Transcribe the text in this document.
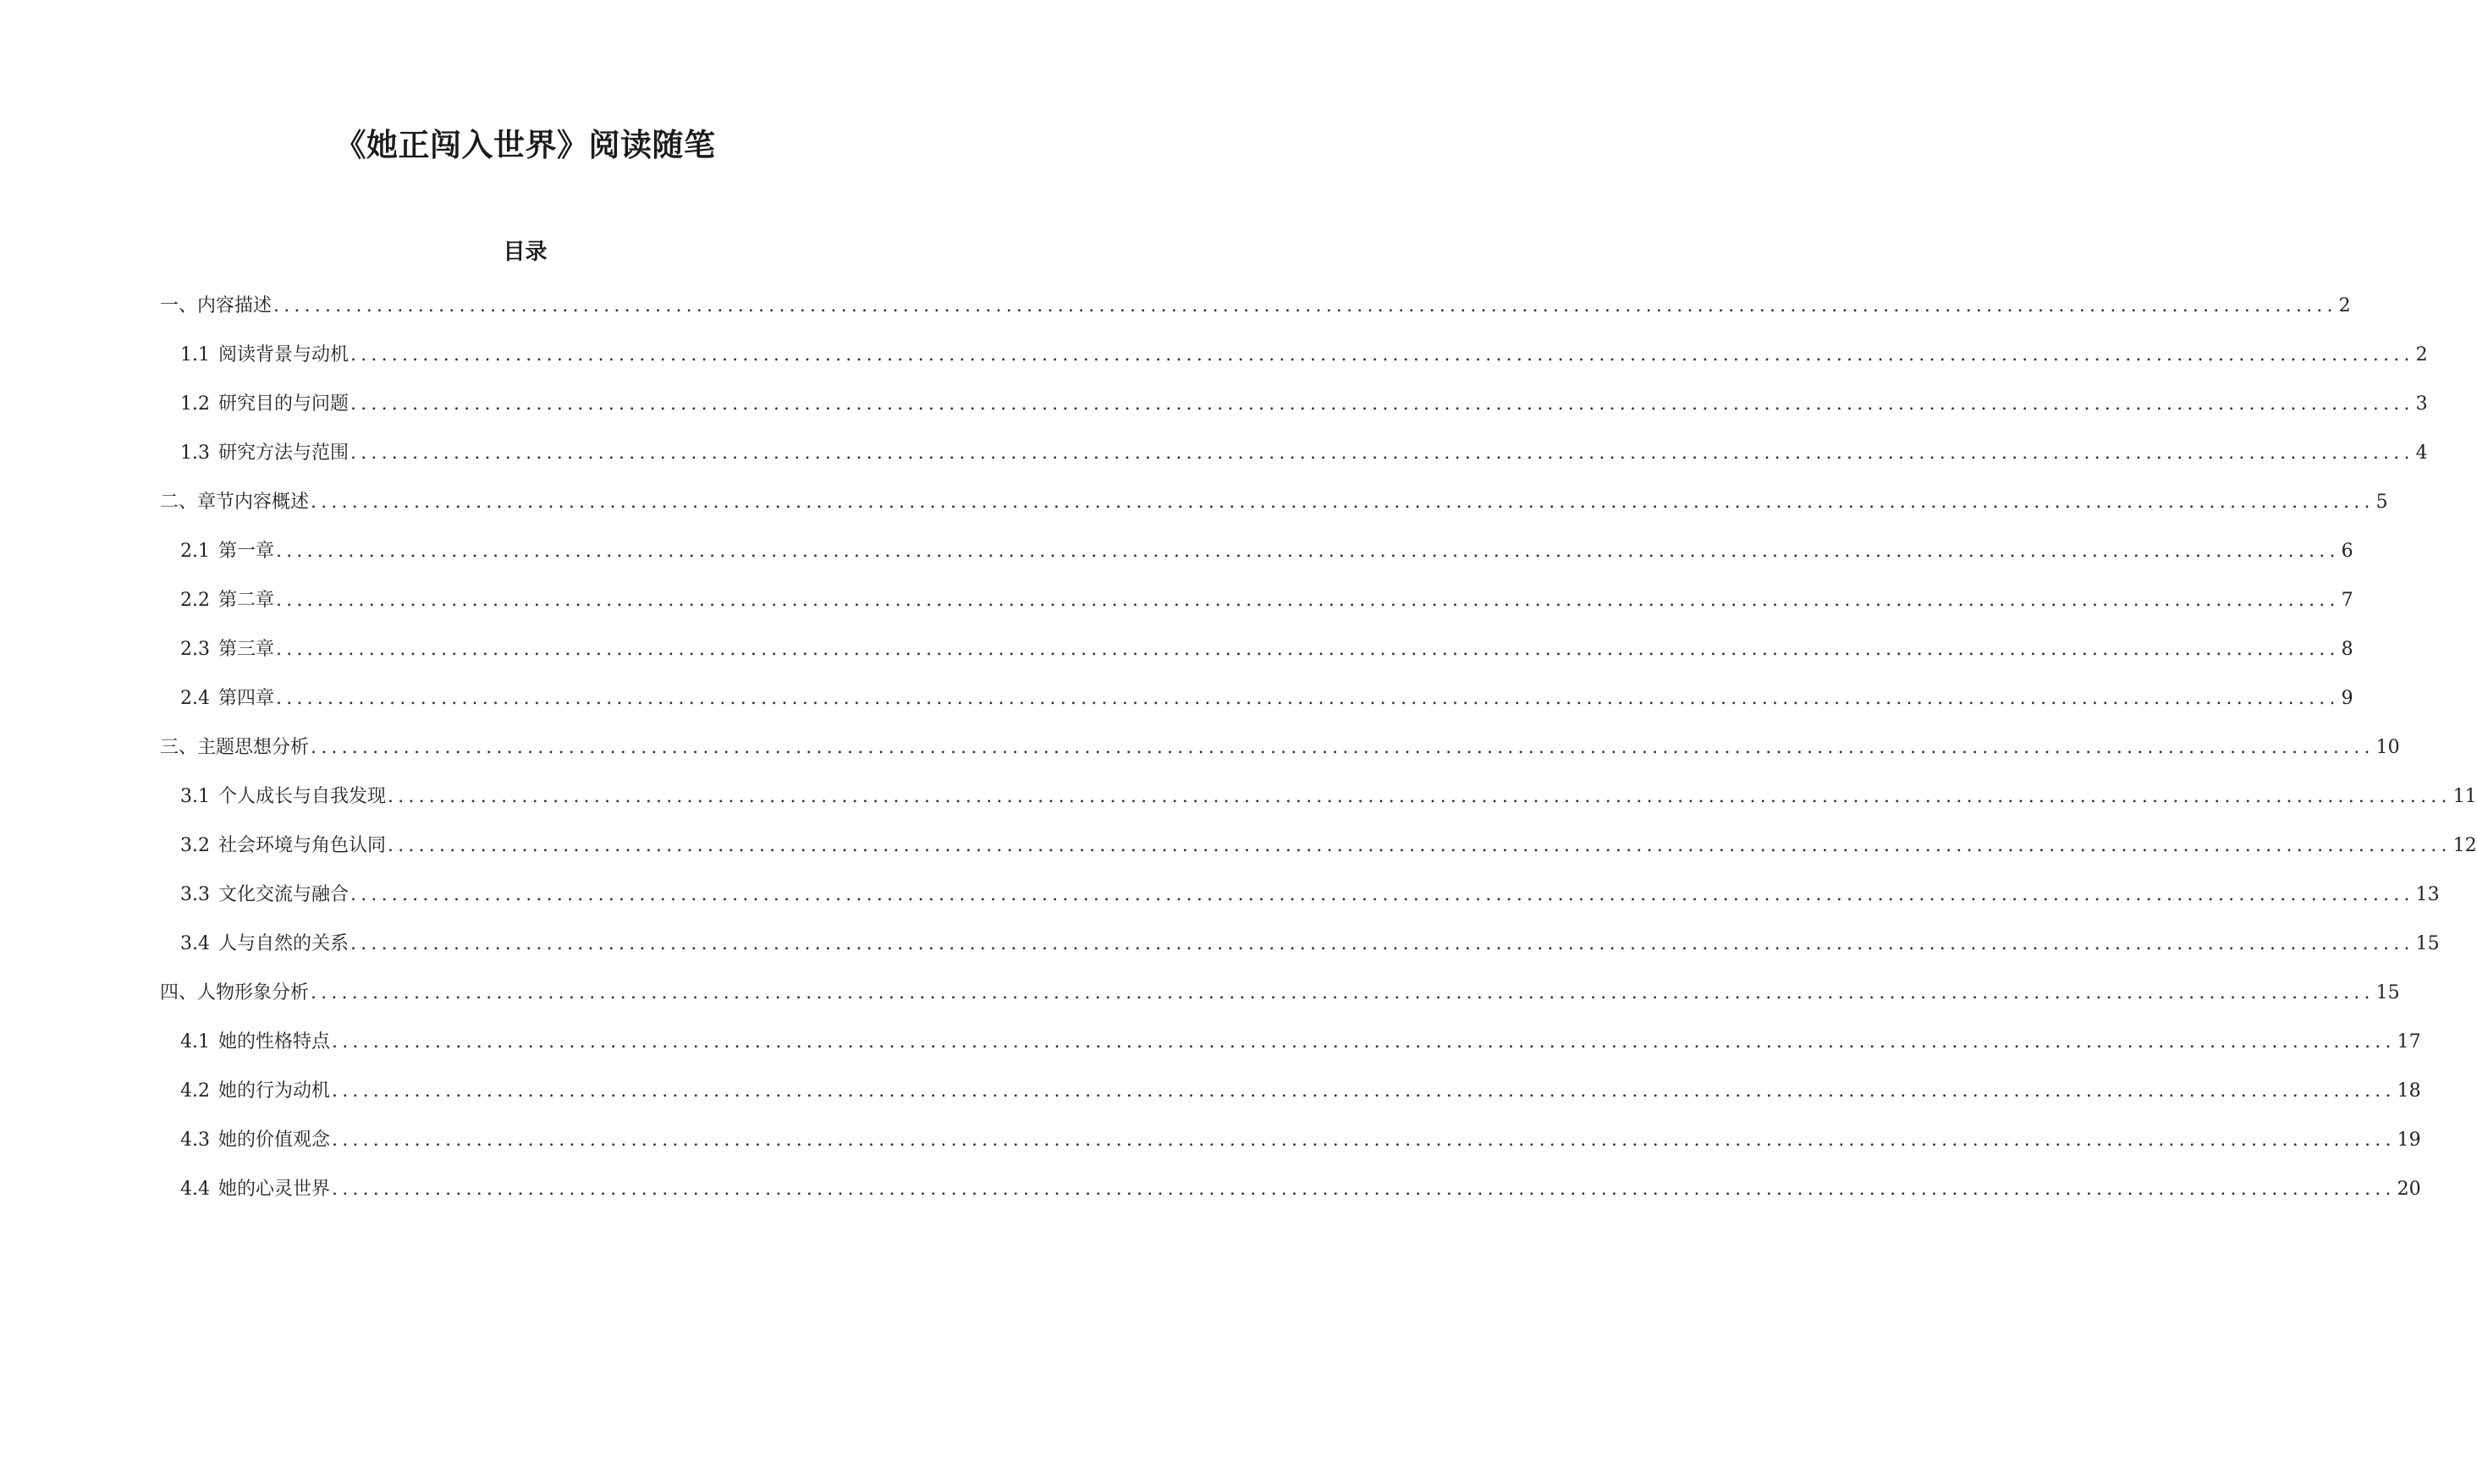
《她正闯入世界》阅读随笔
目录
一、内容描述 ........................................................................................................................................................................................................ 2
1.1 阅读背景与动机 ........................................................................................................................................................................................................ 2
1.2 研究目的与问题 ........................................................................................................................................................................................................ 3
1.3 研究方法与范围 ........................................................................................................................................................................................................ 4
二、章节内容概述 ........................................................................................................................................................................................................ 5
2.1 第一章 ........................................................................................................................................................................................................ 6
2.2 第二章 ........................................................................................................................................................................................................ 7
2.3 第三章 ........................................................................................................................................................................................................ 8
2.4 第四章 ........................................................................................................................................................................................................ 9
三、主题思想分析 ........................................................................................................................................................................................................ 10
3.1 个人成长与自我发现 ........................................................................................................................................................................................................ 11
3.2 社会环境与角色认同 ........................................................................................................................................................................................................ 12
3.3 文化交流与融合 ........................................................................................................................................................................................................ 13
3.4 人与自然的关系 ........................................................................................................................................................................................................ 15
四、人物形象分析 ........................................................................................................................................................................................................ 15
4.1 她的性格特点 ........................................................................................................................................................................................................ 17
4.2 她的行为动机 ........................................................................................................................................................................................................ 18
4.3 她的价值观念 ........................................................................................................................................................................................................ 19
4.4 她的心灵世界 ........................................................................................................................................................................................................ 20
